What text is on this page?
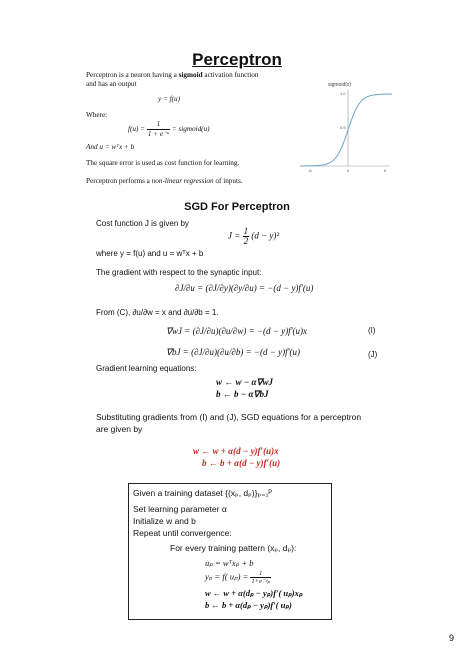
Perceptron
Perceptron is a neuron having a sigmoid activation function
and has an output
y = f(u)
Where:
$f(u) = \frac{1}{\text{1 + e⁻ᵘ}}$ = sigmoid(u)
And u = wᵀx + b
The square error is used as cost function for learning.
Perceptron performs a non-linear regression of inputs.
sigmoid(x)
1.0
0.5
-6	0	6
SGD For Perceptron
Cost function J is given by
$J = \frac{1}{2} (d - y)^2$
where y = f(u) and u = wᵀx + b
The gradient with respect to the synaptic input:
∂J/∂u = (∂J/∂y)(∂y/∂u) = −(d − y)f′(u)
From (C), ∂u/∂w = x and ∂u/∂b = 1.
∇wJ = (∂J/∂u)(∂u/∂w) = −(d − y)f′(u)x	(I)
∇bJ = (∂J/∂u)(∂u/∂b) = −(d − y)f′(u)	(J)
Gradient learning equations:
w ← w − α∇wJ
b ← b − α∇bJ
Substituting gradients from (I) and (J), SGD equations for a perceptron
are given by
w ← w + α(d − y)f′(u)x
b ← b + α(d − y)f′(u)
Given a training dataset {(xₚ, dₚ)}ₚ₌₁ᴾ
Set learning parameter α
Initialize w and b
Repeat until convergence:
For every training pattern (xₚ, dₚ):
uₚ = wᵀxₚ + b
yₚ = f( $u_p) = \frac{1}{\text{1+e⁻ᵘₚ}}$
w ← w + α(dₚ − yₚ)f′( uₚ)xₚ
b ← b + α(dₚ − yₚ)f′( uₚ)
9
